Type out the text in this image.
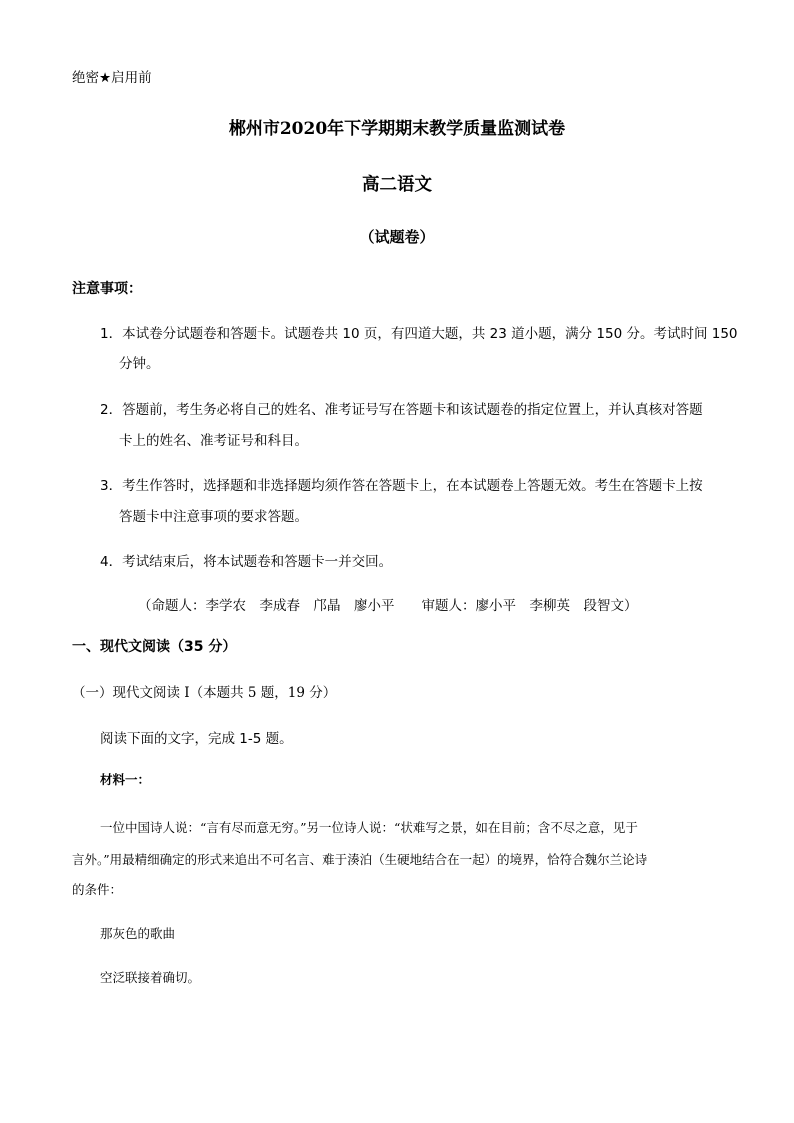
绝密★启用前
郴州市2020年下学期期末教学质量监测试卷
高二语文
（试题卷）
注意事项：
1．本试卷分试题卷和答题卡。试题卷共 10 页，有四道大题，共 23 道小题，满分 150 分。考试时间 150
分钟。
2．答题前，考生务必将自己的姓名、准考证号写在答题卡和该试题卷的指定位置上，并认真核对答题
卡上的姓名、准考证号和科目。
3．考生作答时，选择题和非选择题均须作答在答题卡上，在本试题卷上答题无效。考生在答题卡上按
答题卡中注意事项的要求答题。
4．考试结束后，将本试题卷和答题卡一并交回。
（命题人：李学农　李成春　邝晶　廖小平　　审题人：廖小平　李柳英　段智文）
一、现代文阅读（35 分）
（一）现代文阅读 I（本题共 5 题，19 分）
阅读下面的文字，完成 1-5 题。
材料一：
一位中国诗人说：“言有尽而意无穷。”另一位诗人说：“状难写之景，如在目前；含不尽之意，见于
言外。”用最精细确定的形式来追出不可名言、难于湊泊（生硬地结合在一起）的境界，恰符合魏尔兰论诗
的条件：
那灰色的歌曲
空泛联接着确切。
